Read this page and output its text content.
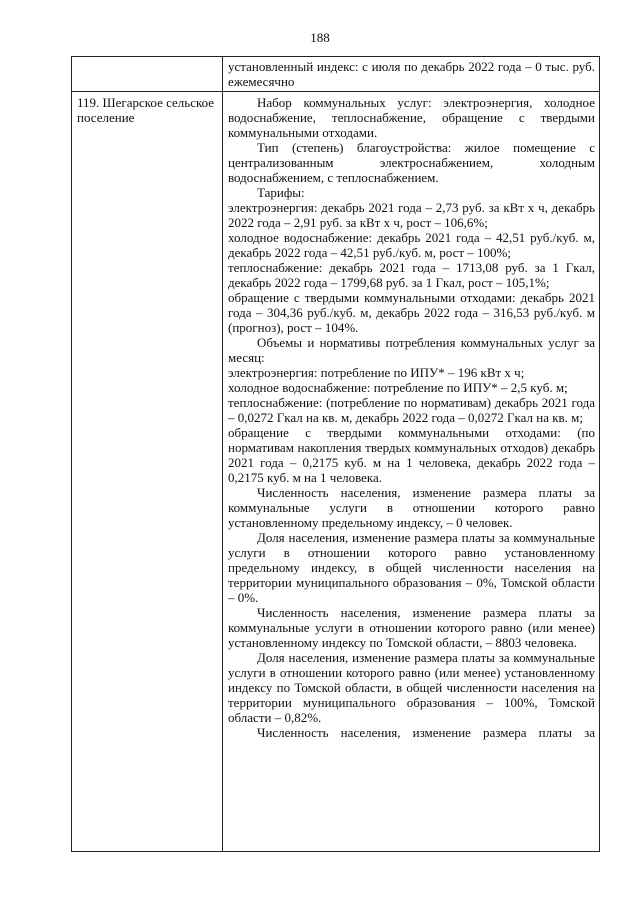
188

установленный индекс: с июля по декабрь 2022 года – 0 тыс. руб. ежемесячно

119. Шегарское сельское поселение

Набор коммунальных услуг: электроэнергия, холодное водоснабжение, теплоснабжение, обращение с твердыми коммунальными отходами.

Тип (степень) благоустройства: жилое помещение с централизованным электроснабжением, холодным водоснабжением, с теплоснабжением.

Тарифы:

электроэнергия: декабрь 2021 года – 2,73 руб. за кВт х ч, декабрь 2022 года – 2,91 руб. за кВт х ч, рост – 106,6%;

холодное водоснабжение: декабрь 2021 года – 42,51 руб./куб. м, декабрь 2022 года – 42,51 руб./куб. м, рост – 100%;

теплоснабжение: декабрь 2021 года – 1713,08 руб. за 1 Гкал, декабрь 2022 года – 1799,68 руб. за 1 Гкал, рост – 105,1%;

обращение с твердыми коммунальными отходами: декабрь 2021 года – 304,36 руб./куб. м, декабрь 2022 года – 316,53 руб./куб. м (прогноз), рост – 104%.

Объемы и нормативы потребления коммунальных услуг за месяц:

электроэнергия: потребление по ИПУ* – 196 кВт х ч;

холодное водоснабжение: потребление по ИПУ* – 2,5 куб. м;

теплоснабжение: (потребление по нормативам) декабрь 2021 года – 0,0272 Гкал на кв. м, декабрь 2022 года – 0,0272 Гкал на кв. м;

обращение с твердыми коммунальными отходами: (по нормативам накопления твердых коммунальных отходов) декабрь 2021 года – 0,2175 куб. м на 1 человека, декабрь 2022 года – 0,2175 куб. м на 1 человека.

Численность населения, изменение размера платы за коммунальные услуги в отношении которого равно установленному предельному индексу, – 0 человек.

Доля населения, изменение размера платы за коммунальные услуги в отношении которого равно установленному предельному индексу, в общей численности населения на территории муниципального образования – 0%, Томской области – 0%.

Численность населения, изменение размера платы за коммунальные услуги в отношении которого равно (или менее) установленному индексу по Томской области, – 8803 человека.

Доля населения, изменение размера платы за коммунальные услуги в отношении которого равно (или менее) установленному индексу по Томской области, в общей численности населения на территории муниципального образования – 100%, Томской области – 0,82%.

Численность населения, изменение размера платы за
